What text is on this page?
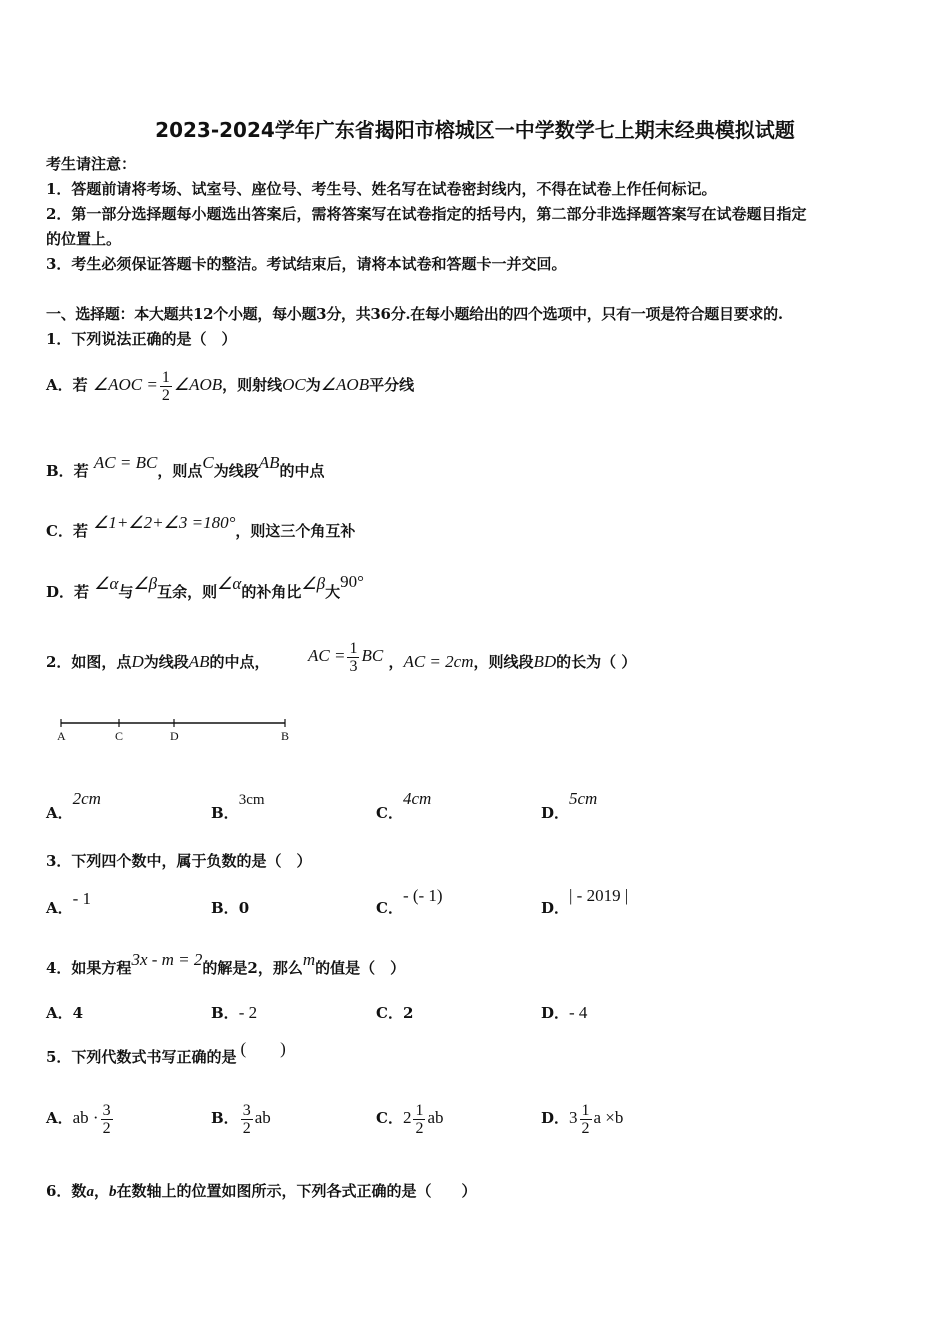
2023-2024学年广东省揭阳市榕城区一中学数学七上期末经典模拟试题
考生请注意：
1．答题前请将考场、试室号、座位号、考生号、姓名写在试卷密封线内，不得在试卷上作任何标记。
2．第一部分选择题每小题选出答案后，需将答案写在试卷指定的括号内，第二部分非选择题答案写在试卷题目指定
的位置上。
3．考生必须保证答题卡的整洁。考试结束后，请将本试卷和答题卡一并交回。
一、选择题：本大题共12个小题，每小题3分，共36分.在每小题给出的四个选项中，只有一项是符合题目要求的.
1．下列说法正确的是（　）
A．若 ∠AOC = $\frac{1}{2}$ ∠AOB，则射线OC为∠AOB平分线
B．若 AC = BC，则点C为线段AB的中点
C．若 ∠1+∠2+∠3 =180°，则这三个角互补
D．若 ∠α与∠β互余，则∠α的补角比∠β大90°
2．如图，点D为线段AB的中点， AC = $\frac{1}{3}$ BC ，AC = 2cm，则线段BD的长为（ ）
A	C	D	B
A．2cm
B．3cm
C．4cm
D．5cm
3．下列四个数中，属于负数的是（　）
A．- 1	B．0	C．- (- 1)
D．| - 2019 |
4．如果方程3x - m = 2的解是2，那么m的值是（　）
A．4	B．- 2	C．2	D．- 4
5．下列代数式书写正确的是 (　　)
A．ab · $\frac{3}{2}$	B． $\frac{3}{2}$ ab	C．$2 \frac{1}{2}$ ab	D．$3 \frac{1}{2}$ a ×b
6．数a，b在数轴上的位置如图所示，下列各式正确的是（　　）
